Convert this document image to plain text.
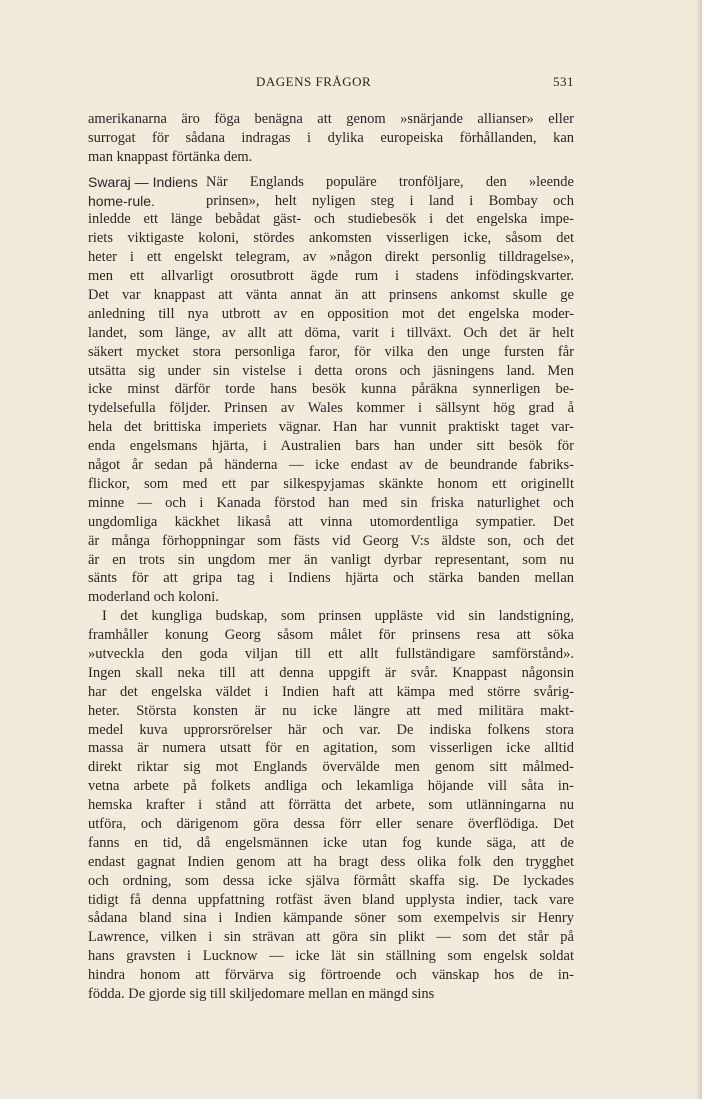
DAGENS FRÅGOR	531
amerikanarna äro föga benägna att genom »snärjande allianser» eller
surrogat för sådana indragas i dylika europeiska förhållanden, kan
man knappast förtänka dem.
Swaraj — Indiens
home-rule.
När Englands populäre tronföljare, den »leende
prinsen», helt nyligen steg i land i Bombay och
inledde ett länge bebådat gäst- och studiebesök i det engelska impe-
riets viktigaste koloni, stördes ankomsten visserligen icke, såsom det
heter i ett engelskt telegram, av »någon direkt personlig tilldragelse»,
men ett allvarligt orosutbrott ägde rum i stadens infödingskvarter.
Det var knappast att vänta annat än att prinsens ankomst skulle ge
anledning till nya utbrott av en opposition mot det engelska moder-
landet, som länge, av allt att döma, varit i tillväxt. Och det är helt
säkert mycket stora personliga faror, för vilka den unge fursten får
utsätta sig under sin vistelse i detta orons och jäsningens land. Men
icke minst därför torde hans besök kunna påräkna synnerligen be-
tydelsefulla följder. Prinsen av Wales kommer i sällsynt hög grad å
hela det brittiska imperiets vägnar. Han har vunnit praktiskt taget var-
enda engelsmans hjärta, i Australien bars han under sitt besök för
något år sedan på händerna — icke endast av de beundrande fabriks-
flickor, som med ett par silkespyjamas skänkte honom ett originellt
minne — och i Kanada förstod han med sin friska naturlighet och
ungdomliga käckhet likaså att vinna utomordentliga sympatier. Det
är många förhoppningar som fästs vid Georg V:s äldste son, och det
är en trots sin ungdom mer än vanligt dyrbar representant, som nu
sänts för att gripa tag i Indiens hjärta och stärka banden mellan
moderland och koloni.
I det kungliga budskap, som prinsen uppläste vid sin landstigning,
framhåller konung Georg såsom målet för prinsens resa att söka
»utveckla den goda viljan till ett allt fullständigare samförstånd».
Ingen skall neka till att denna uppgift är svår. Knappast någonsin
har det engelska väldet i Indien haft att kämpa med större svårig-
heter. Största konsten är nu icke längre att med militära makt-
medel kuva upprorsrörelser här och var. De indiska folkens stora
massa är numera utsatt för en agitation, som visserligen icke alltid
direkt riktar sig mot Englands övervälde men genom sitt målmed-
vetna arbete på folkets andliga och lekamliga höjande vill såta in-
hemska krafter i stånd att förrätta det arbete, som utlänningarna nu
utföra, och därigenom göra dessa förr eller senare överflödiga. Det
fanns en tid, då engelsmännen icke utan fog kunde säga, att de
endast gagnat Indien genom att ha bragt dess olika folk den trygghet
och ordning, som dessa icke själva förmått skaffa sig. De lyckades
tidigt få denna uppfattning rotfäst även bland upplysta indier, tack vare
sådana bland sina i Indien kämpande söner som exempelvis sir Henry
Lawrence, vilken i sin strävan att göra sin plikt — som det står på
hans gravsten i Lucknow — icke lät sin ställning som engelsk soldat
hindra honom att förvärva sig förtroende och vänskap hos de in-
födda. De gjorde sig till skiljedomare mellan en mängd sins
